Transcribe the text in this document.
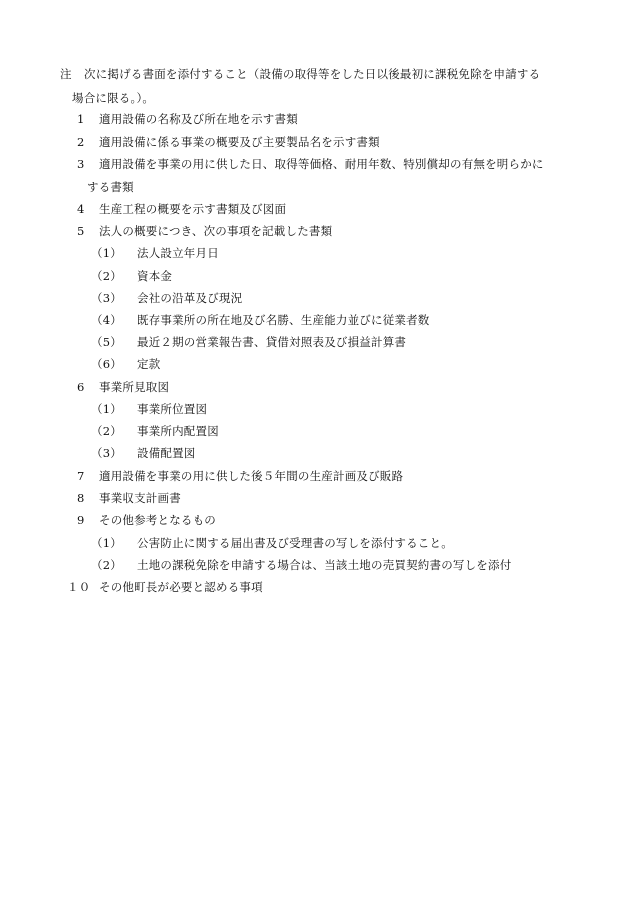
注 次に掲げる書面を添付すること（設備の取得等をした日以後最初に課税免除を申請する
場合に限る。）。
1 適用設備の名称及び所在地を示す書類
2 適用設備に係る事業の概要及び主要製品名を示す書類
3 適用設備を事業の用に供した日、取得等価格、耐用年数、特別償却の有無を明らかに
する書類
4 生産工程の概要を示す書類及び図面
5 法人の概要につき、次の事項を記載した書類
（1） 法人設立年月日
（2） 資本金
（3） 会社の沿革及び現況
（4） 既存事業所の所在地及び名勝、生産能力並びに従業者数
（5） 最近２期の営業報告書、貸借対照表及び損益計算書
（6） 定款
6 事業所見取図
（1） 事業所位置図
（2） 事業所内配置図
（3） 設備配置図
7 適用設備を事業の用に供した後５年間の生産計画及び販路
8 事業収支計画書
9 その他参考となるもの
（1） 公害防止に関する届出書及び受理書の写しを添付すること。
（2） 土地の課税免除を申請する場合は、当該土地の売買契約書の写しを添付
１０ その他町長が必要と認める事項
